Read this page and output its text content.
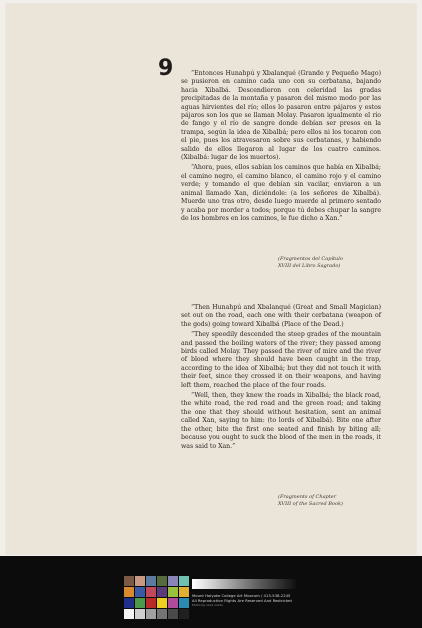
9	“Entonces Hunahpú y Xbalanqué (Grande y Pequeño Mago) se pusieron en camino cada uno con su cerbatana, bajando hacia Xibalbá. Descendieron con celeridad las gradas precipitadas de la montaña y pasaron del mismo modo por las aguas hirvientes del río; ellos lo pasaron entre pájaros y estos pájaros son los que se llaman Molay. Pasaron igualmente el río de fango y el río de sangre donde debían ser presos en la trampa, según la idea de Xibalbá; pero ellos ni los tocaron con el pie, pues los atravesaron sobre sus cerbatanas, y habiendo salido de ellos llegaron al lugar de los cuatro caminos. (Xibalbá: lugar de los muertos).

“Ahora, pues, ellos sabían los caminos que había en Xibalbá; el camino negro, el camino blanco, el camino rojo y el camino verde; y tomando el que debían sin vacilar, enviaron a un animal llamado Xan, diciéndole: (a los señores de Xibalbá). Muerde uno tras otro, desde luego muerde al primero sentado y acaba por morder a todos; porque tú debes chupar la sangre de los hombres en los caminos, le fue dicho a Xan.”

(Fragmentos del Capítulo
XVIII del Libro Sagrado)

“Then Hunahpú and Xbalanqué (Great and Small Magician) set out on the road, each one with their cerbatana (weapon of the gods) going toward Xibalbá (Place of the Dead.)

“They speedily descended the steep grades of the mountain and passed the boiling waters of the river; they passed among birds called Molay. They passed the river of mire and the river of blood where they should have been caught in the trap, according to the idea of Xibalbá; but they did not touch it with their feet, since they crossed it on their weapons, and having left them, reached the place of the four roads.

“Well, then, they knew the roads in Xibalbá; the black road, the white road, the red road and the green road; and taking the one that they should without hesitation, sent an animal called Xan, saying to him: (to lords of Xibalbá). Bite one after the other, bite the first one seated and finish by biting all; because you ought to suck the blood of the men in the roads, it was said to Xan.”

(Fragments of Chapter
XVIII of the Sacred Book)
Mount Holyoke College Art Museum / 413-538-2245
All Reproduction Rights Are Reserved And Restricted
Photo by xxxx xxxxx
